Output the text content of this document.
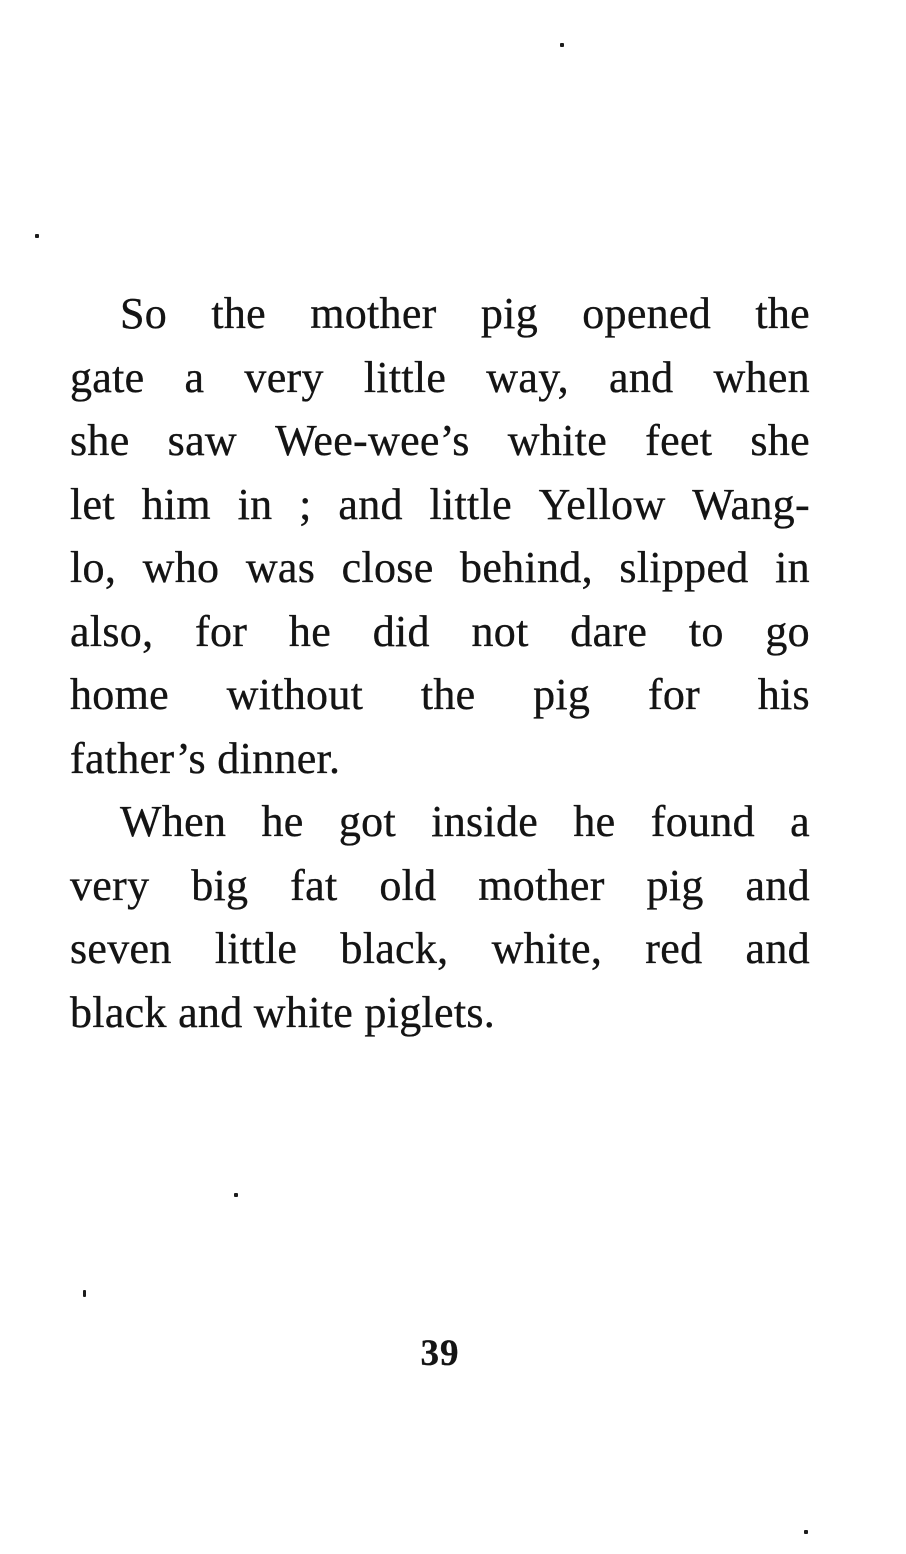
So the mother pig opened the
gate a very little way, and when
she saw Wee-wee’s white feet she
let him in ; and little Yellow Wang-
lo, who was close behind, slipped in
also, for he did not dare to go
home without the pig for his
father’s dinner.
When he got inside he found a
very big fat old mother pig and
seven little black, white, red and
black and white piglets.
39
